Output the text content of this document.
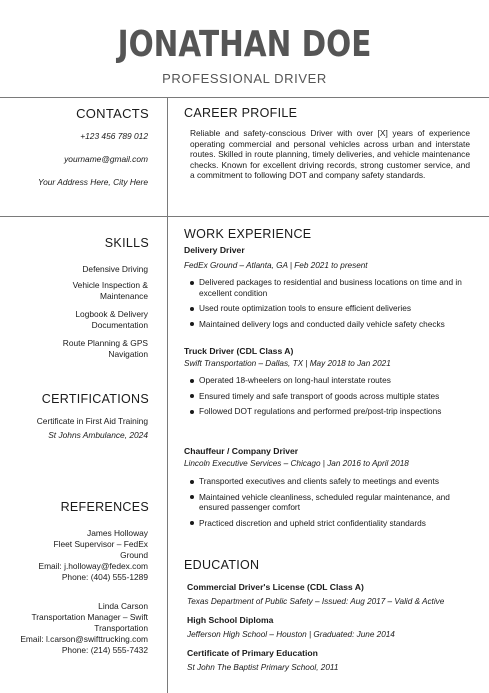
JONATHAN DOE
PROFESSIONAL DRIVER
CONTACTS
+123 456 789 012
yourname@gmail.com
Your Address Here, City Here
CAREER PROFILE
Reliable and safety-conscious Driver with over [X] years of experience operating commercial and personal vehicles across urban and interstate routes. Skilled in route planning, timely deliveries, and vehicle maintenance checks. Known for excellent driving records, strong customer service, and a commitment to following DOT and company safety standards.
SKILLS
Defensive Driving
Vehicle Inspection &
Maintenance
Logbook & Delivery
Documentation
Route Planning & GPS
Navigation
CERTIFICATIONS
Certificate in First Aid Training
St Johns Ambulance, 2024
REFERENCES
James Holloway
Fleet Supervisor – FedEx
Ground
Email: j.holloway@fedex.com
Phone: (404) 555-1289
Linda Carson
Transportation Manager – Swift
Transportation
Email: l.carson@swifttrucking.com
Phone: (214) 555-7432
WORK EXPERIENCE
Delivery Driver
FedEx Ground – Atlanta, GA | Feb 2021 to present
Delivered packages to residential and business locations on time and in excellent condition
Used route optimization tools to ensure efficient deliveries
Maintained delivery logs and conducted daily vehicle safety checks
Truck Driver (CDL Class A)
Swift Transportation – Dallas, TX | May 2018 to Jan 2021
Operated 18-wheelers on long-haul interstate routes
Ensured timely and safe transport of goods across multiple states
Followed DOT regulations and performed pre/post-trip inspections
Chauffeur / Company Driver
Lincoln Executive Services – Chicago | Jan 2016 to April 2018
Transported executives and clients safely to meetings and events
Maintained vehicle cleanliness, scheduled regular maintenance, and ensured passenger comfort
Practiced discretion and upheld strict confidentiality standards
EDUCATION
Commercial Driver's License (CDL Class A)
Texas Department of Public Safety – Issued: Aug 2017 – Valid & Active
High School Diploma
Jefferson High School – Houston | Graduated: June 2014
Certificate of Primary Education
St John The Baptist Primary School, 2011
